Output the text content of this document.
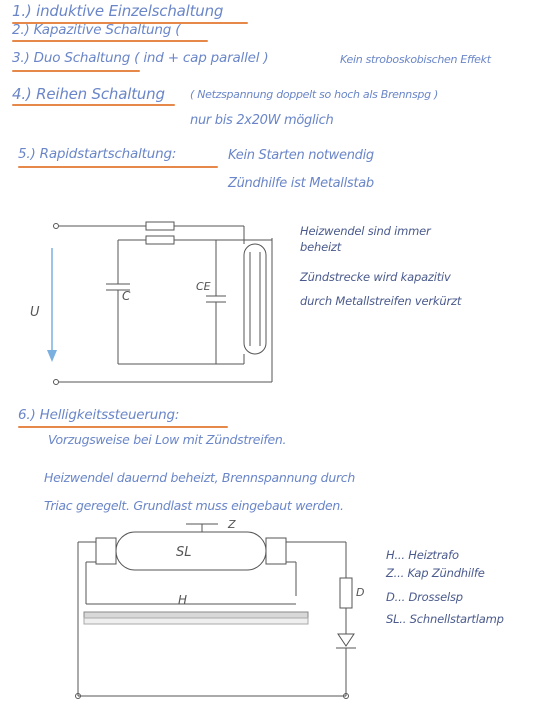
1.) induktive Einzelschaltung
2.) Kapazitive Schaltung (
3.) Duo Schaltung ( ind + cap parallel )	Kein stroboskobischen Effekt
4.) Reihen Schaltung ( Netzspannung doppelt so hoch als Brennspg )
nur bis 2x20W möglich
5.) Rapidstartschaltung:	Kein Starten notwendig
Zündhilfe ist Metallstab
Heizwendel sind immer
beheizt
Zündstrecke wird kapazitiv
durch Metallstreifen verkürzt
6.) Helligkeitssteuerung:
Vorzugsweise bei Low mit Zündstreifen.
Heizwendel dauernd beheizt, Brennspannung durch
Triac geregelt. Grundlast muss eingebaut werden.
H... Heiztrafo
Z... Kap Zündhilfe
D... Drosselsp
SL.. Schnellstartlamp
U
C
CE
Z
SL
H
D
